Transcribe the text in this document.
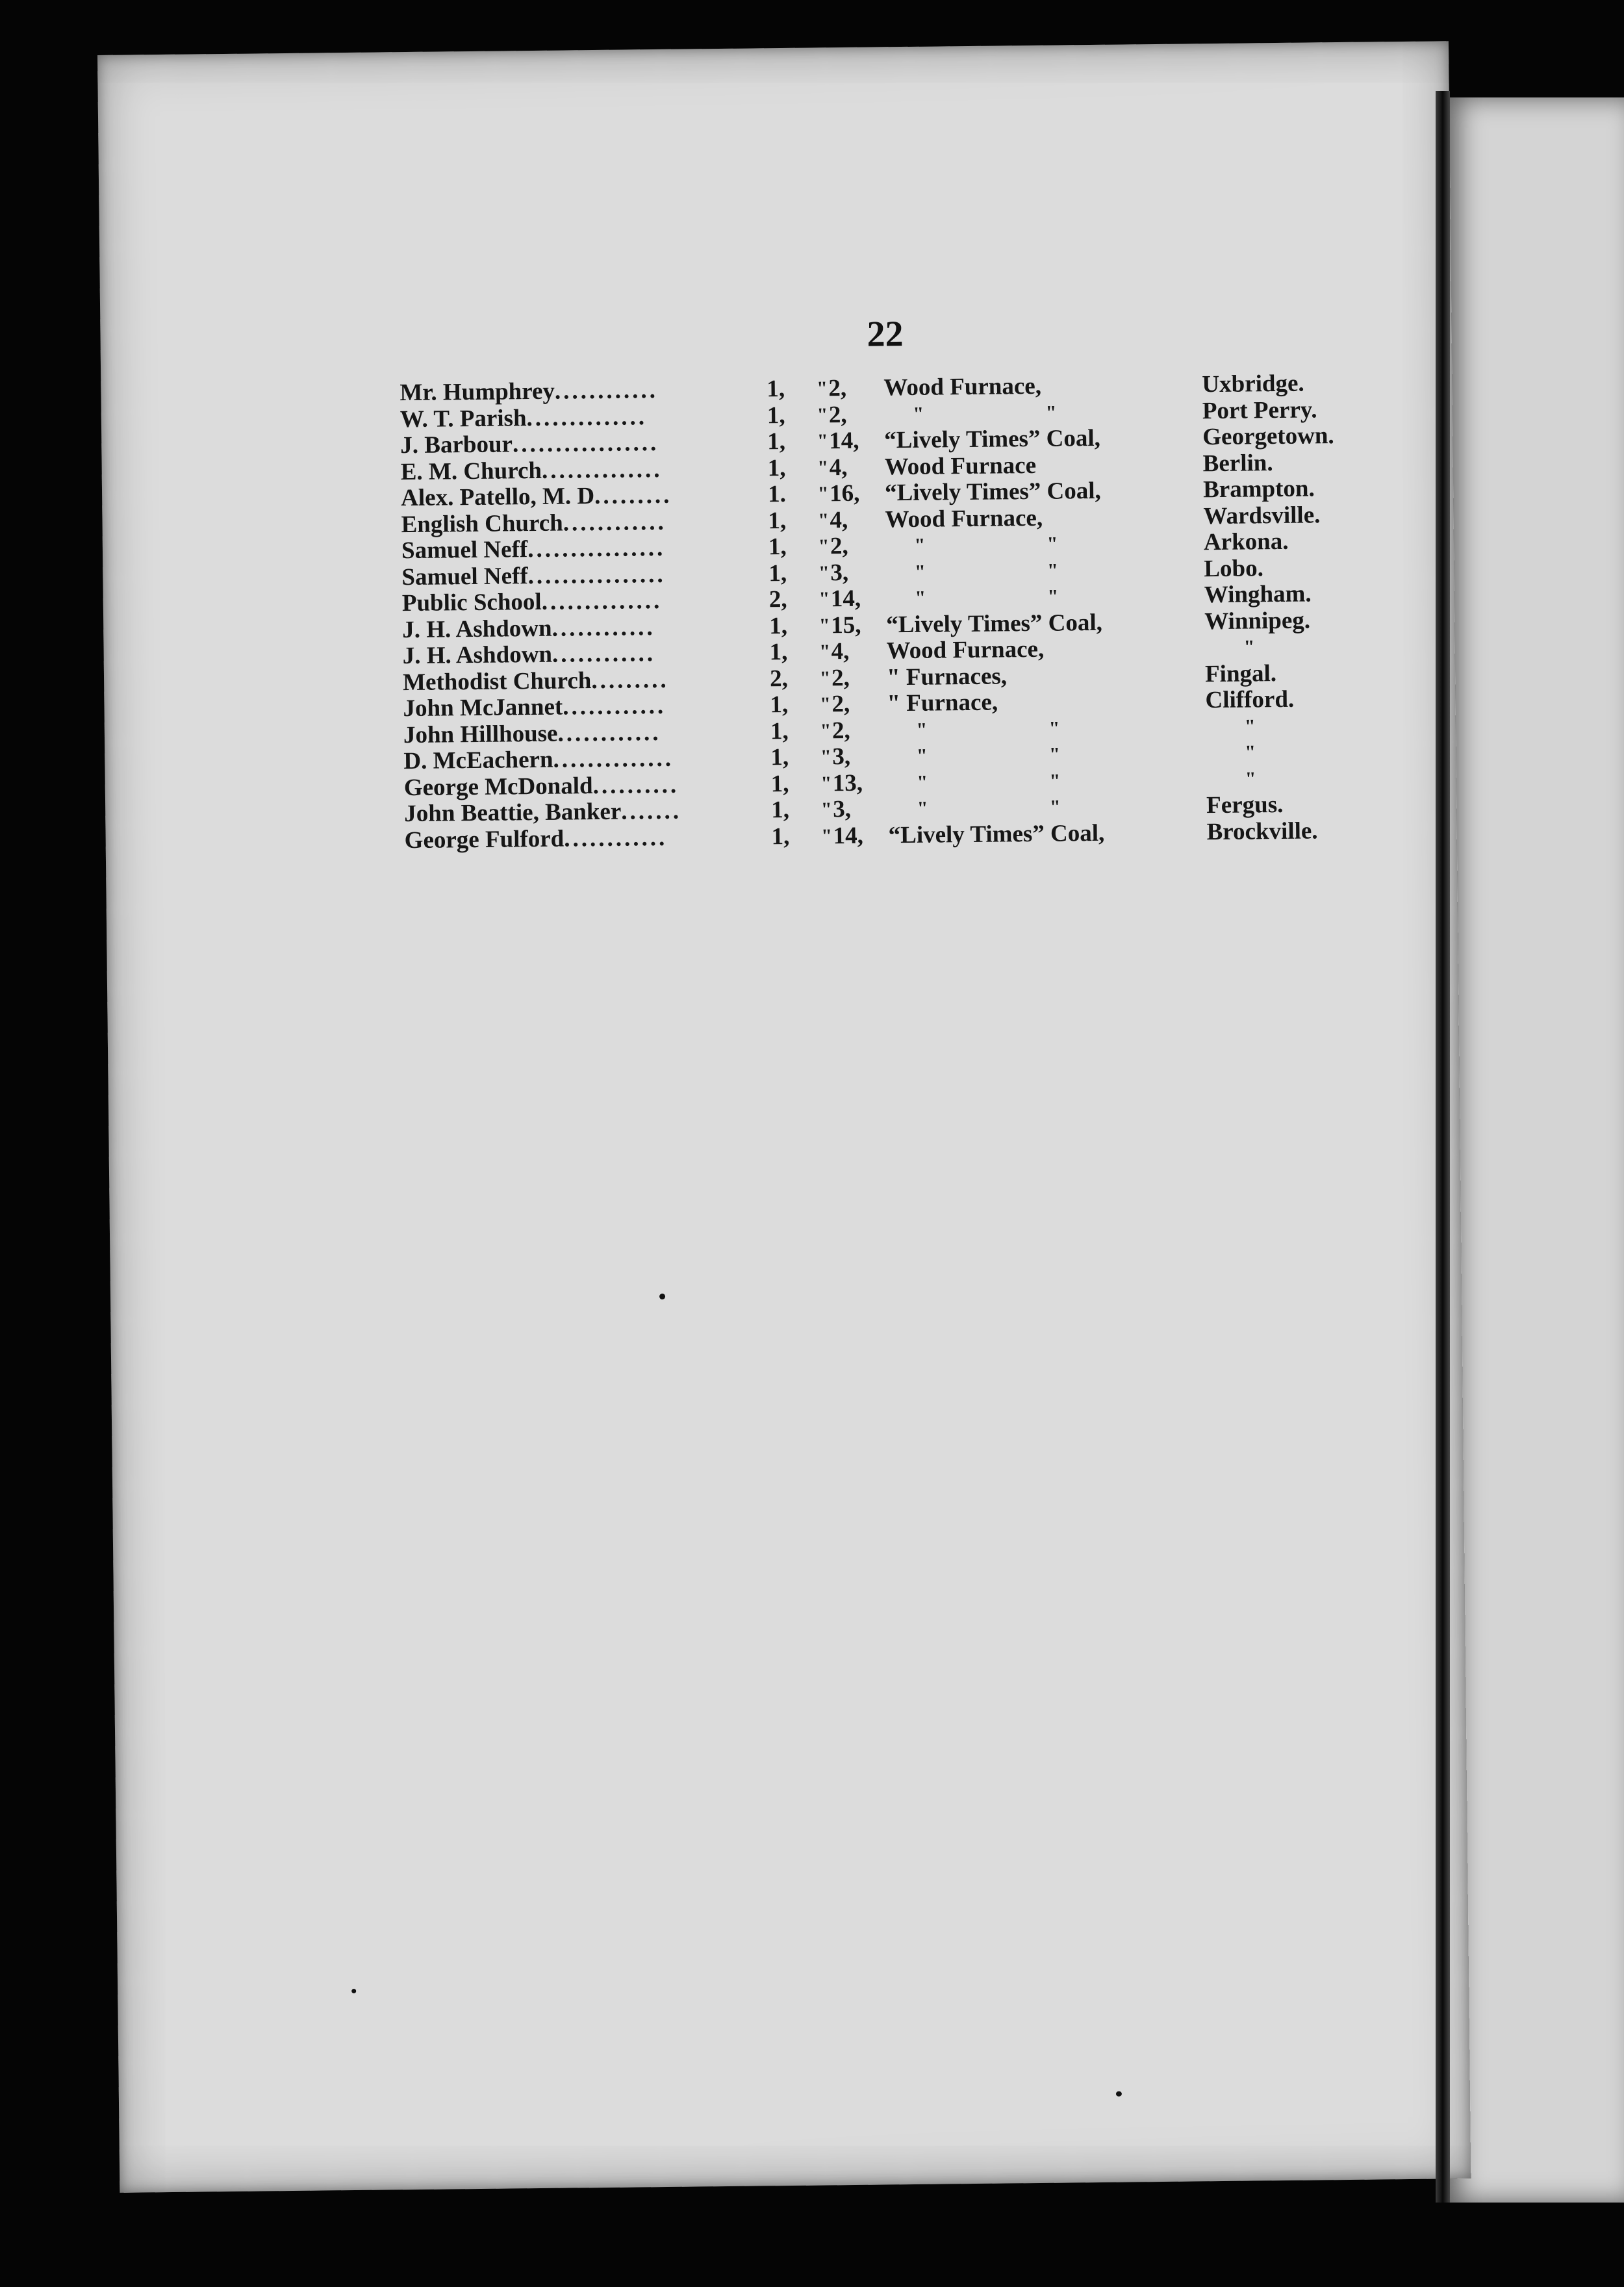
22
Mr. Humphrey............	1,	" 2,	Wood Furnace,	Uxbridge.
W. T. Parish..............	1,	" 2,	" "	Port Perry.
J. Barbour.................	1,	" 14,	“Lively Times” Coal,	Georgetown.
E. M. Church..............	1,	" 4,	Wood Furnace	Berlin.
Alex. Patello, M. D.........	1.	" 16,	“Lively Times” Coal,	Brampton.
English Church............	1,	" 4,	Wood Furnace,	Wardsville.
Samuel Neff................	1,	" 2,	" "	Arkona.
Samuel Neff................	1,	" 3,	" "	Lobo.
Public School..............	2,	" 14,	" "	Wingham.
J. H. Ashdown............	1,	" 15,	“Lively Times” Coal,	Winnipeg.
J. H. Ashdown............	1,	" 4,	Wood Furnace,	"
Methodist Church.........	2,	" 2,	" Furnaces,	Fingal.
John McJannet............	1,	" 2,	" Furnace,	Clifford.
John Hillhouse............	1,	" 2,	" "	"
D. McEachern..............	1,	" 3,	" "	"
George McDonald..........	1,	" 13,	" "	"
John Beattie, Banker.......	1,	" 3,	" "	Fergus.
George Fulford............	1,	" 14,	“Lively Times” Coal,	Brockville.
